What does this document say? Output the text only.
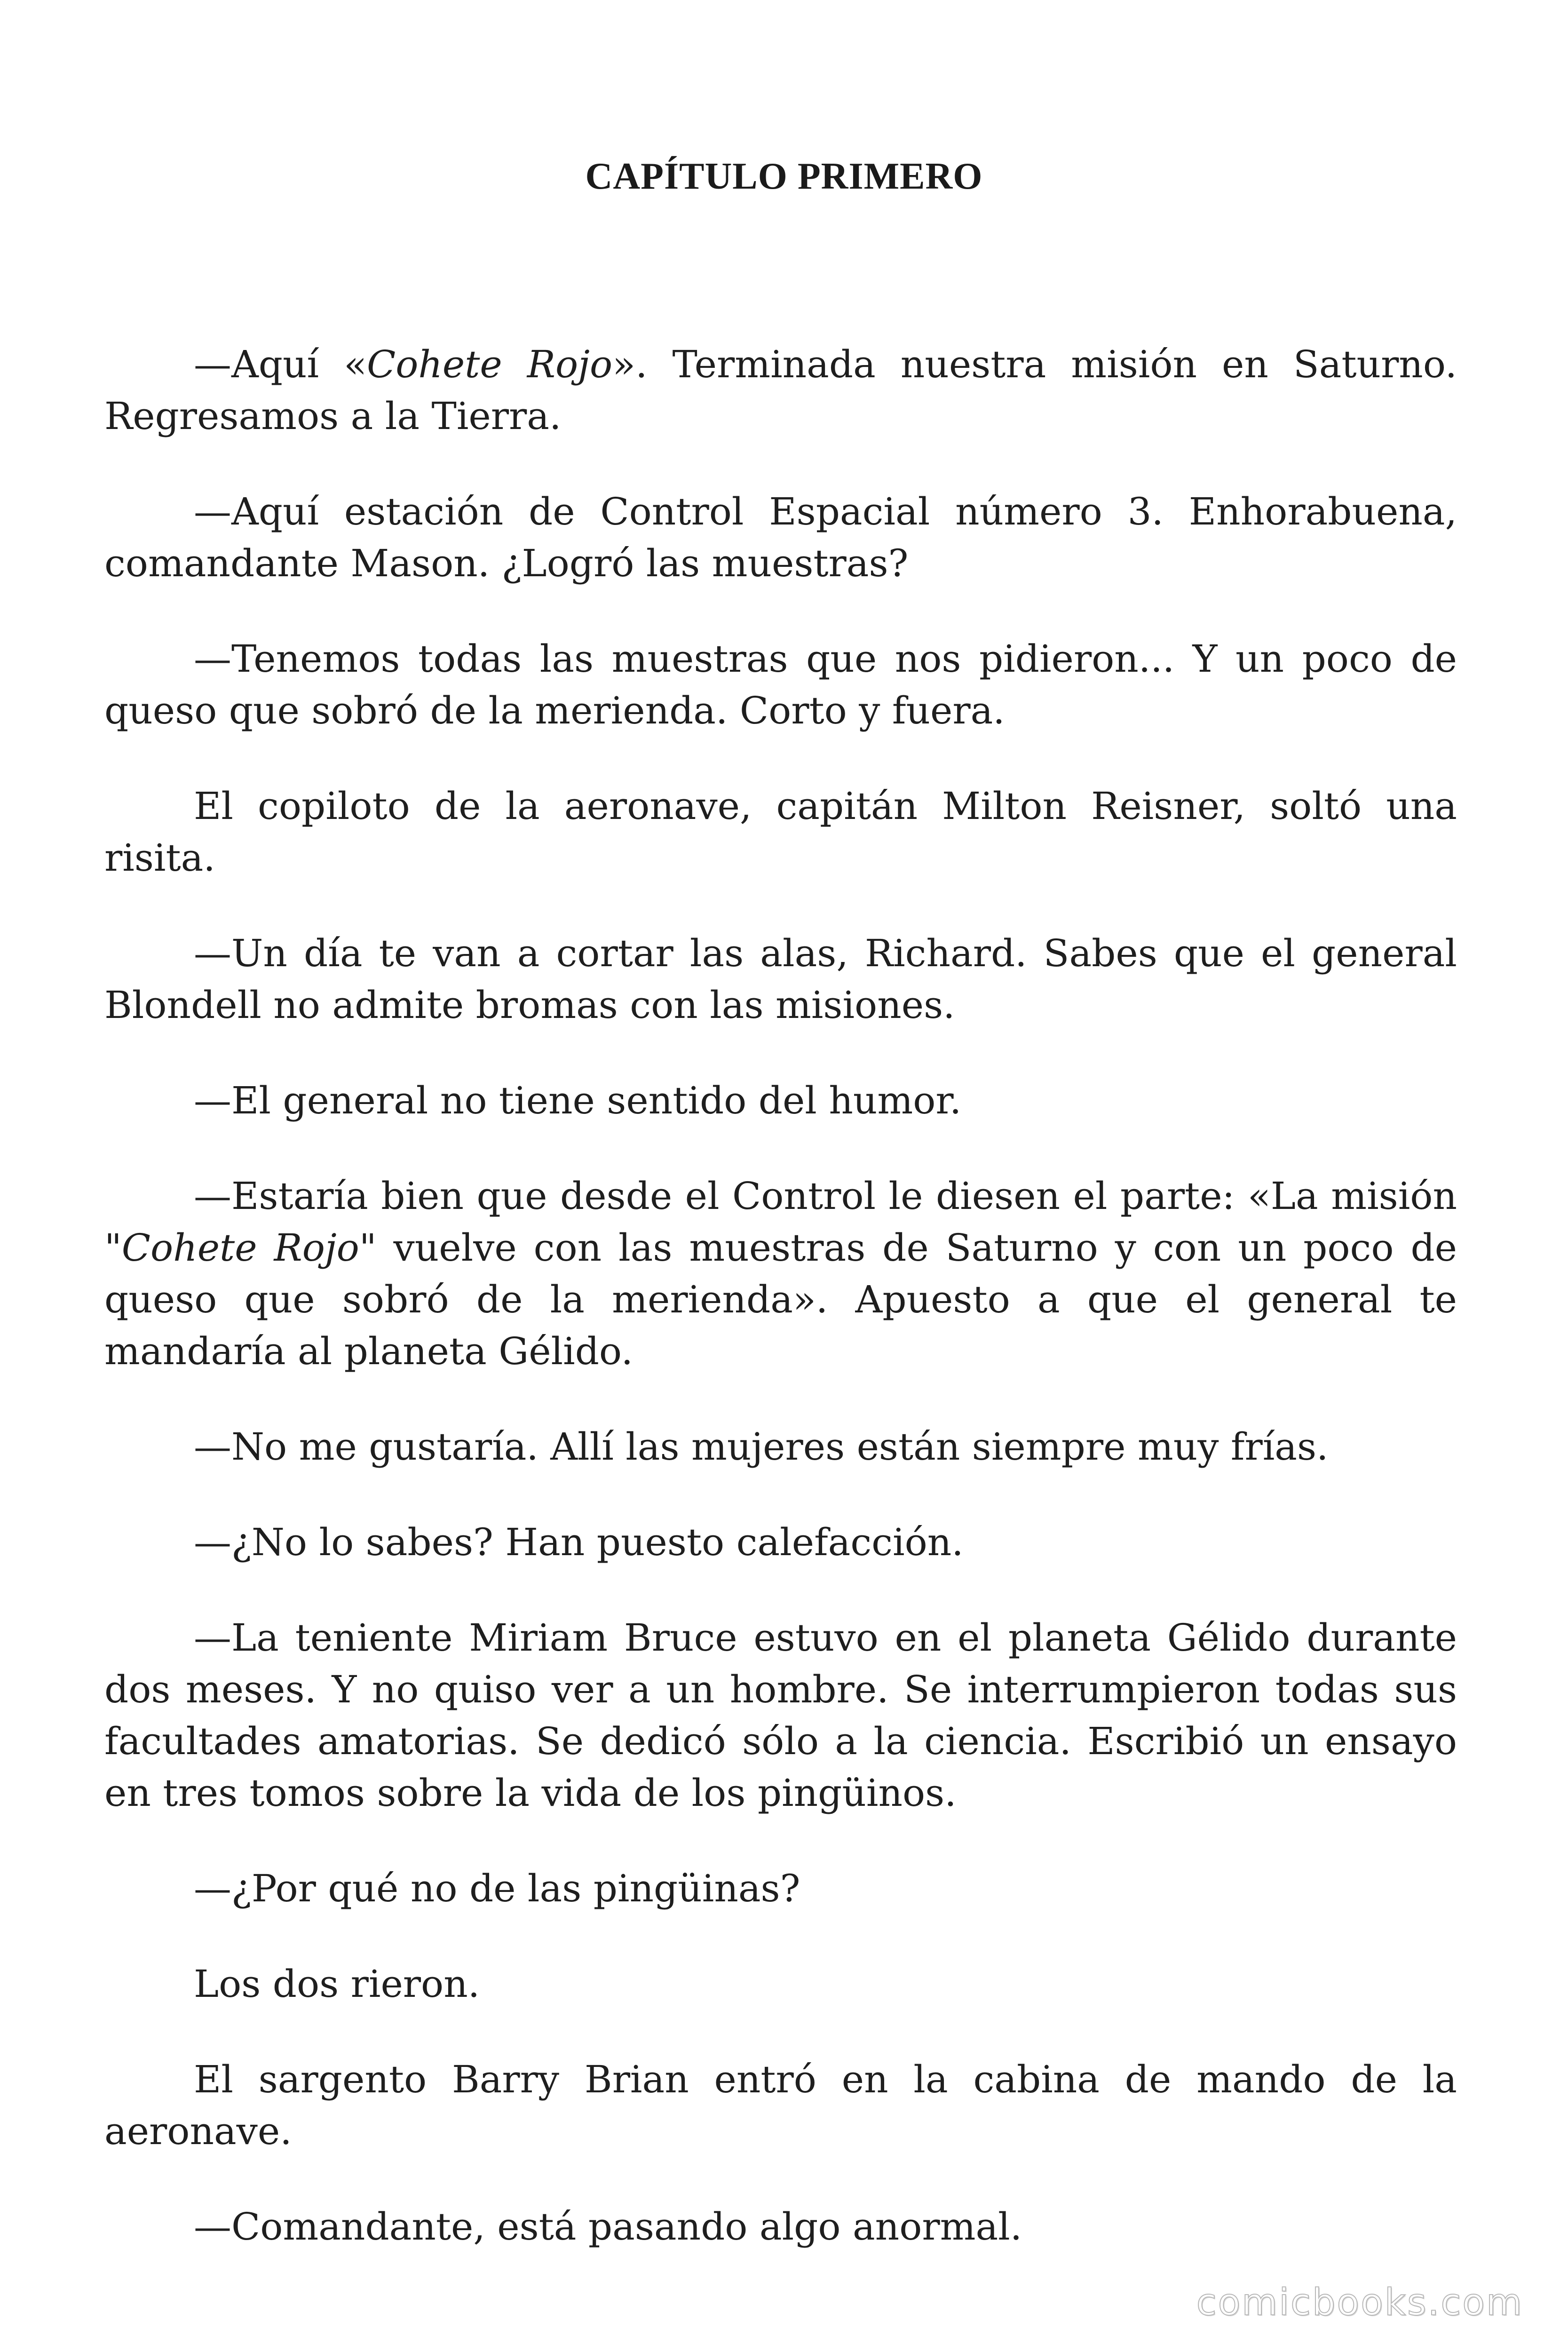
CAPÍTULO PRIMERO

—Aquí «Cohete Rojo». Terminada nuestra misión en Saturno. Regresamos a la Tierra.

—Aquí estación de Control Espacial número 3. Enhorabuena, comandante Mason. ¿Logró las muestras?

—Tenemos todas las muestras que nos pidieron... Y un poco de queso que sobró de la merienda. Corto y fuera.

El copiloto de la aeronave, capitán Milton Reisner, soltó una risita.

—Un día te van a cortar las alas, Richard. Sabes que el general Blondell no admite bromas con las misiones.

—El general no tiene sentido del humor.

—Estaría bien que desde el Control le diesen el parte: «La misión "Cohete Rojo" vuelve con las muestras de Saturno y con un poco de queso que sobró de la merienda». Apuesto a que el general te mandaría al planeta Gélido.

—No me gustaría. Allí las mujeres están siempre muy frías.

—¿No lo sabes? Han puesto calefacción.

—La teniente Miriam Bruce estuvo en el planeta Gélido durante dos meses. Y no quiso ver a un hombre. Se interrumpieron todas sus facultades amatorias. Se dedicó sólo a la ciencia. Escribió un ensayo en tres tomos sobre la vida de los pingüinos.

—¿Por qué no de las pingüinas?

Los dos rieron.

El sargento Barry Brian entró en la cabina de mando de la aeronave.

—Comandante, está pasando algo anormal.

comicbooks.com
